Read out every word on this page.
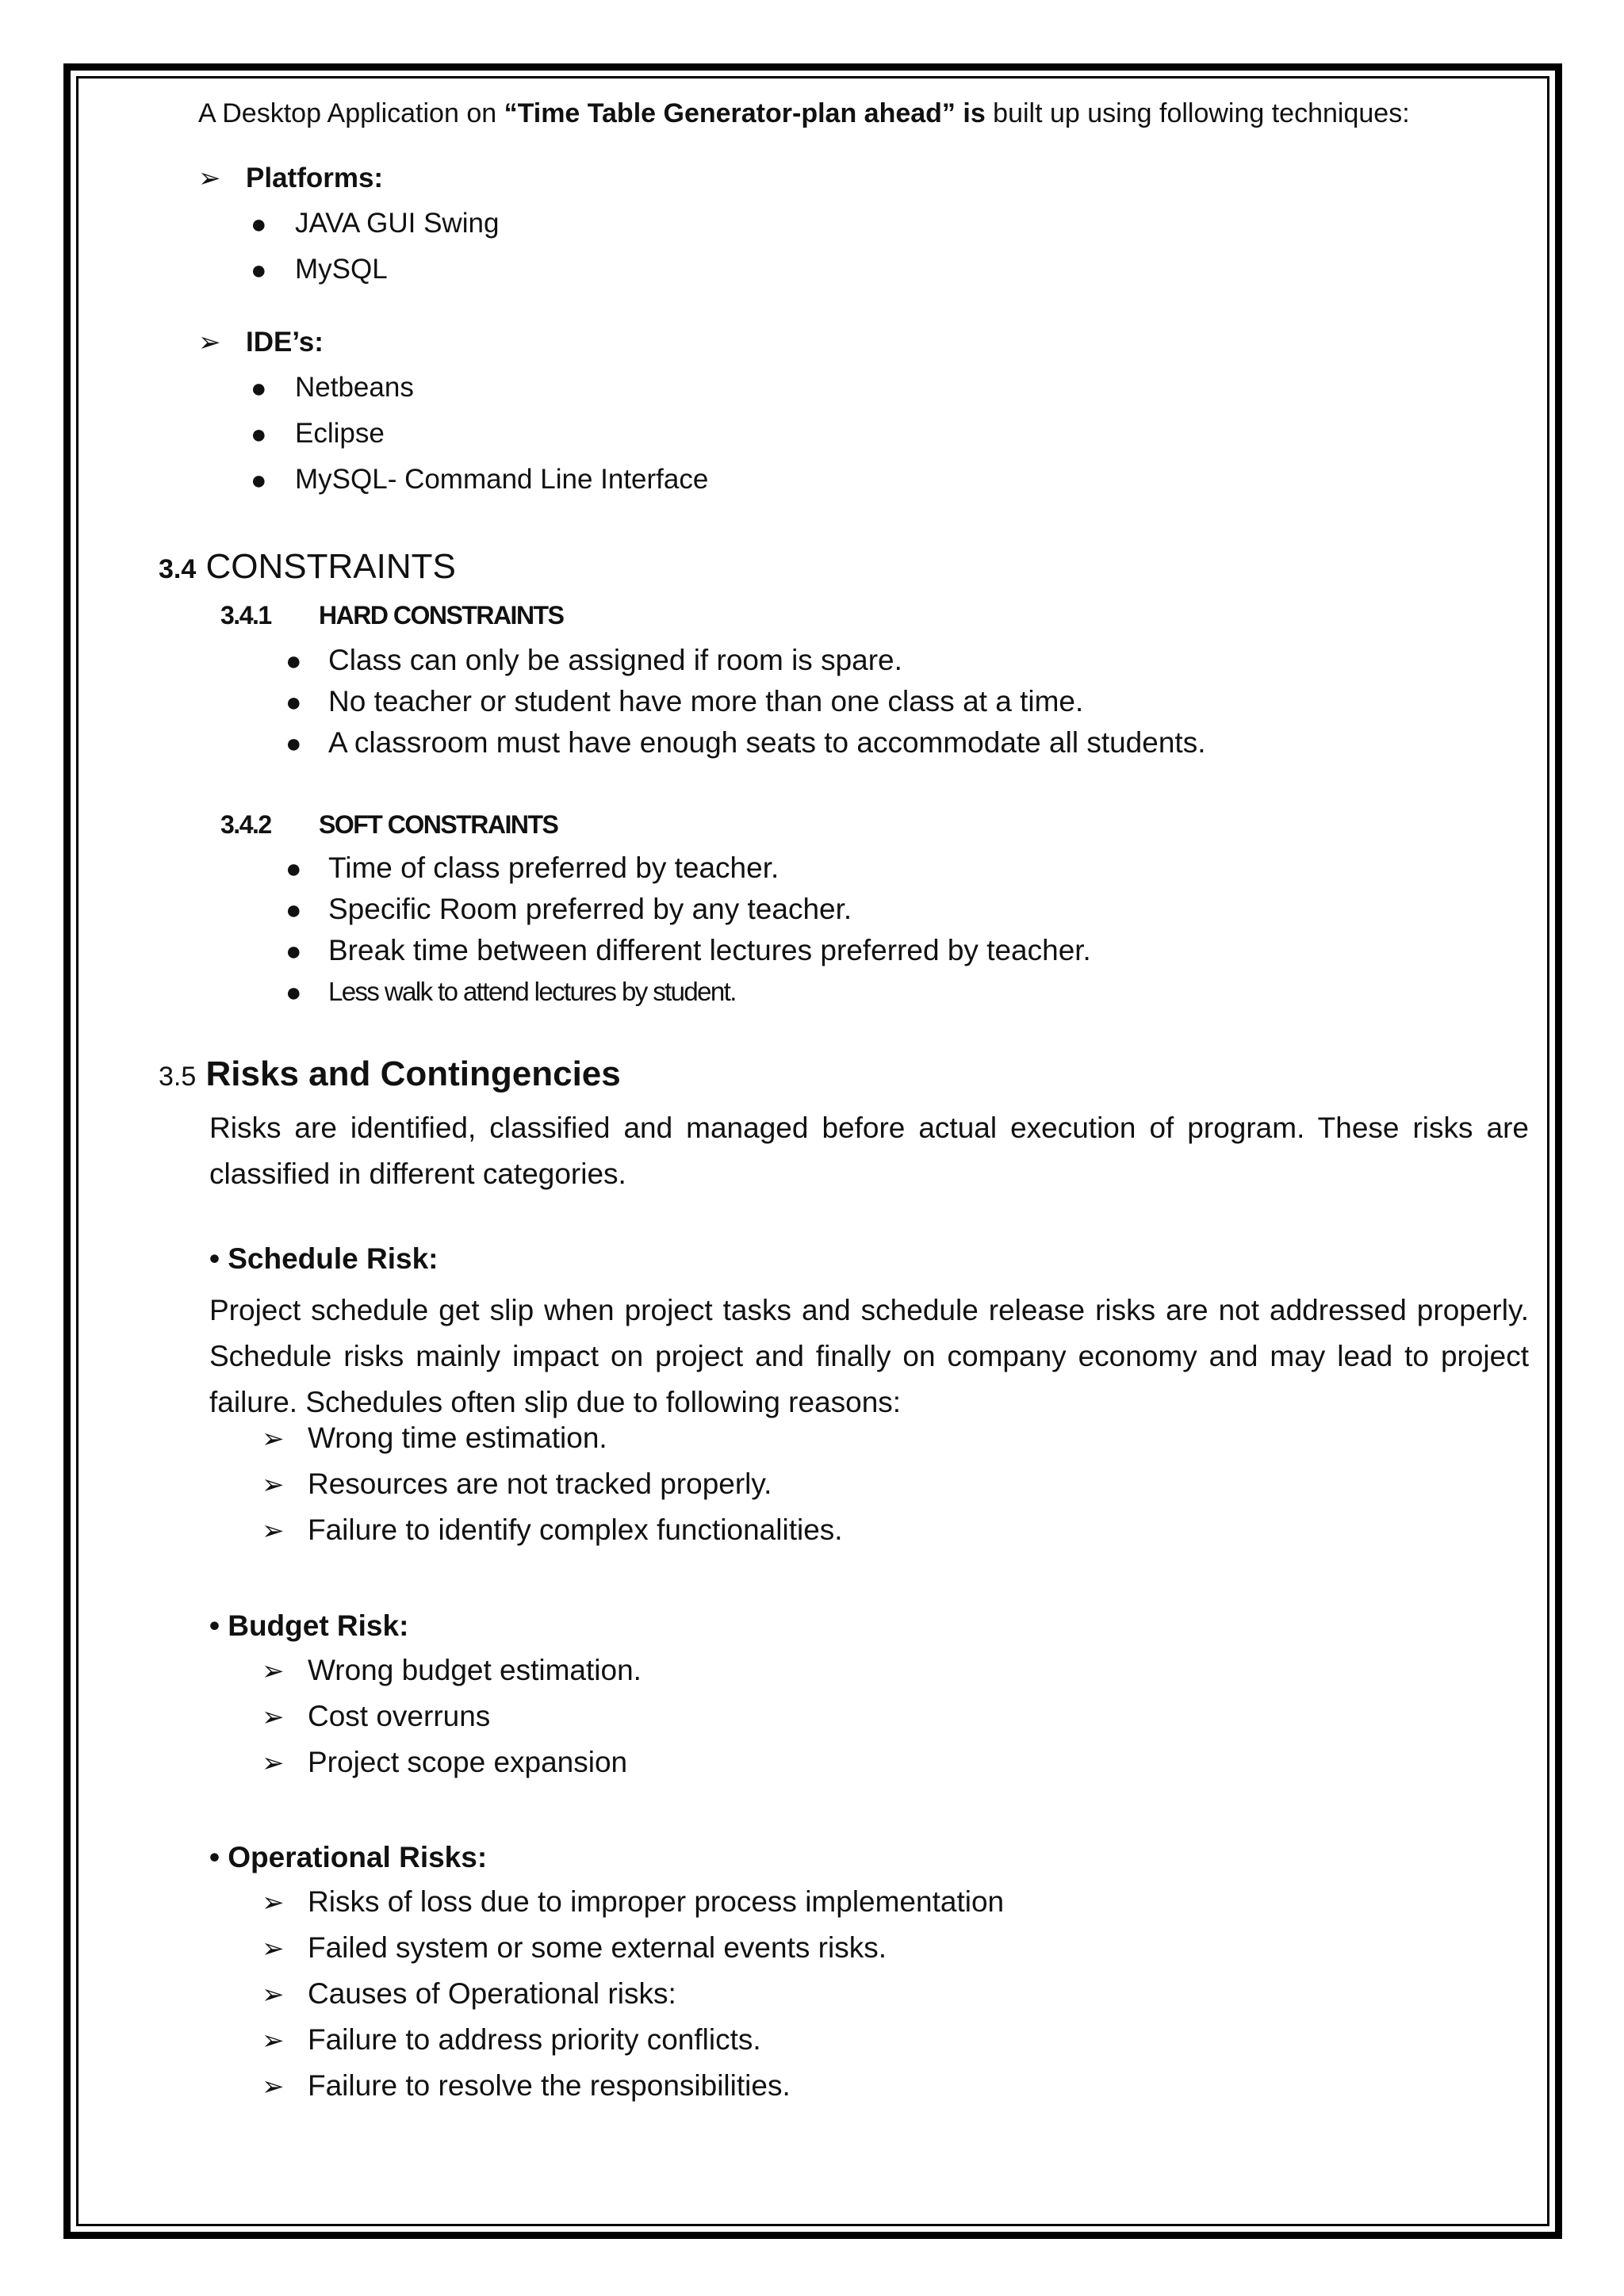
A Desktop Application on “Time Table Generator-plan ahead” is built up using following techniques:
➢ Platforms:
● JAVA GUI Swing
● MySQL
➢ IDE’s:
● Netbeans
● Eclipse
● MySQL- Command Line Interface
3.4 CONSTRAINTS
3.4.1 HARD CONSTRAINTS
● Class can only be assigned if room is spare.
● No teacher or student have more than one class at a time.
● A classroom must have enough seats to accommodate all students.
3.4.2 SOFT CONSTRAINTS
● Time of class preferred by teacher.
● Specific Room preferred by any teacher.
● Break time between different lectures preferred by teacher.
● Less walk to attend lectures by student.
3.5 Risks and Contingencies
Risks are identified, classified and managed before actual execution of program. These risks are classified in different categories.
• Schedule Risk:
Project schedule get slip when project tasks and schedule release risks are not addressed properly. Schedule risks mainly impact on project and finally on company economy and may lead to project failure. Schedules often slip due to following reasons:
➢ Wrong time estimation.
➢ Resources are not tracked properly.
➢ Failure to identify complex functionalities.
• Budget Risk:
➢ Wrong budget estimation.
➢ Cost overruns
➢ Project scope expansion
• Operational Risks:
➢ Risks of loss due to improper process implementation
➢ Failed system or some external events risks.
➢ Causes of Operational risks:
➢ Failure to address priority conflicts.
➢ Failure to resolve the responsibilities.
